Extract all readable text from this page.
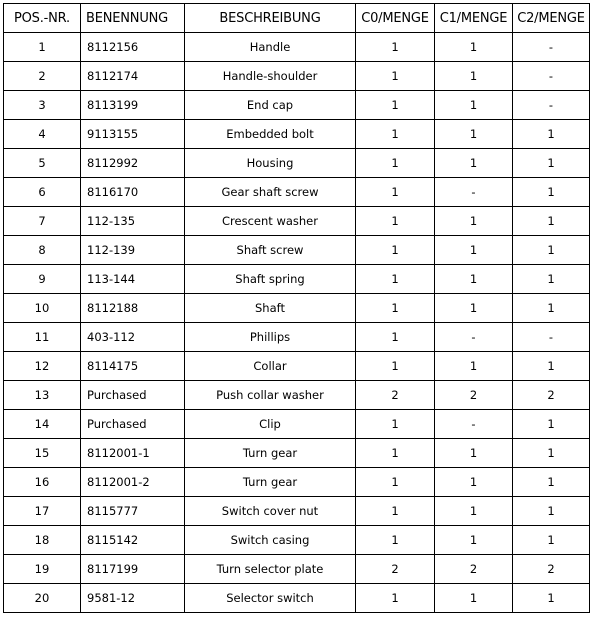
POS.-NR.	BENENNUNG	BESCHREIBUNG	C0/MENGE	C1/MENGE	C2/MENGE
1	8112156	Handle	1	1	-
2	8112174	Handle-shoulder	1	1	-
3	8113199	End cap	1	1	-
4	9113155	Embedded bolt	1	1	1
5	8112992	Housing	1	1	1
6	8116170	Gear shaft screw	1	-	1
7	112-135	Crescent washer	1	1	1
8	112-139	Shaft screw	1	1	1
9	113-144	Shaft spring	1	1	1
10	8112188	Shaft	1	1	1
11	403-112	Phillips	1	-	-
12	8114175	Collar	1	1	1
13	Purchased	Push collar washer	2	2	2
14	Purchased	Clip	1	-	1
15	8112001-1	Turn gear	1	1	1
16	8112001-2	Turn gear	1	1	1
17	8115777	Switch cover nut	1	1	1
18	8115142	Switch casing	1	1	1
19	8117199	Turn selector plate	2	2	2
20	9581-12	Selector switch	1	1	1
